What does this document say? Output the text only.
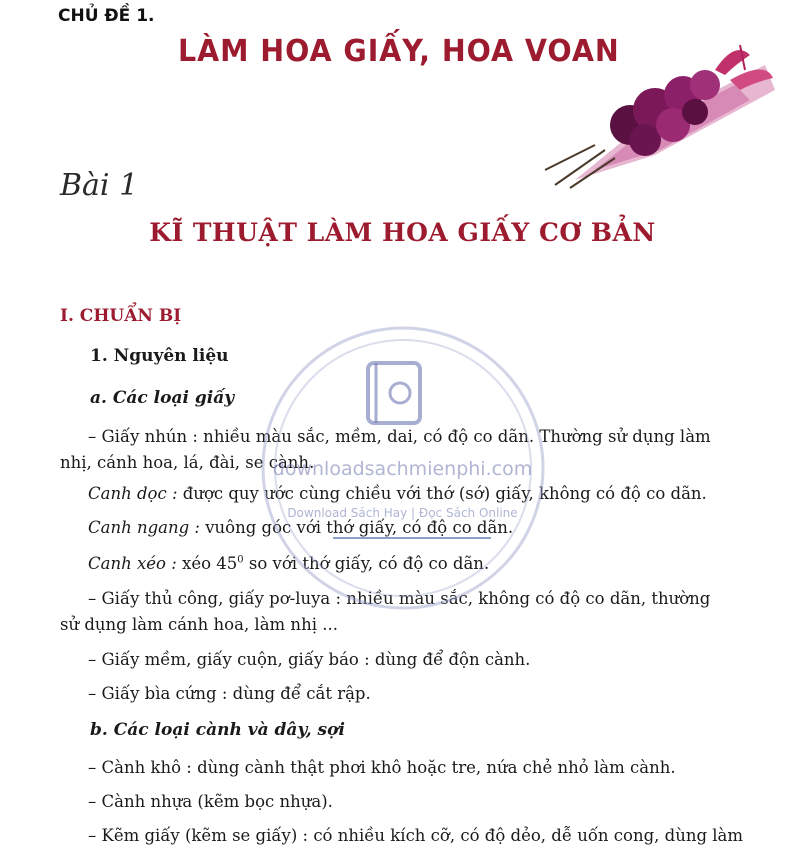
CHỦ ĐỀ 1.
LÀM HOA GIẤY, HOA VOAN
Bài 1
KĨ THUẬT LÀM HOA GIẤY CƠ BẢN
I. CHUẨN BỊ
1. Nguyên liệu
a. Các loại giấy
– Giấy nhún : nhiều màu sắc, mềm, dai, có độ co dãn. Thường sử dụng làm nhị, cánh hoa, lá, đài, se cành.
Canh dọc : được quy ước cùng chiều với thớ (sớ) giấy, không có độ co dãn.
Canh ngang : vuông góc với thớ giấy, có độ co dãn.
Canh xéo : xéo $45^0$ so với thớ giấy, có độ co dãn.
– Giấy thủ công, giấy pơ-luya : nhiều màu sắc, không có độ co dãn, thường sử dụng làm cánh hoa, làm nhị ...
– Giấy mềm, giấy cuộn, giấy báo : dùng để độn cành.
– Giấy bìa cứng : dùng để cắt rập.
b. Các loại cành và dây, sợi
– Cành khô : dùng cành thật phơi khô hoặc tre, nứa chẻ nhỏ làm cành.
– Cành nhựa (kẽm bọc nhựa).
– Kẽm giấy (kẽm se giấy) : có nhiều kích cỡ, có độ dẻo, dễ uốn cong, dùng làm
downloadsachmienphi.com
Download Sách Hay | Đọc Sách Online
